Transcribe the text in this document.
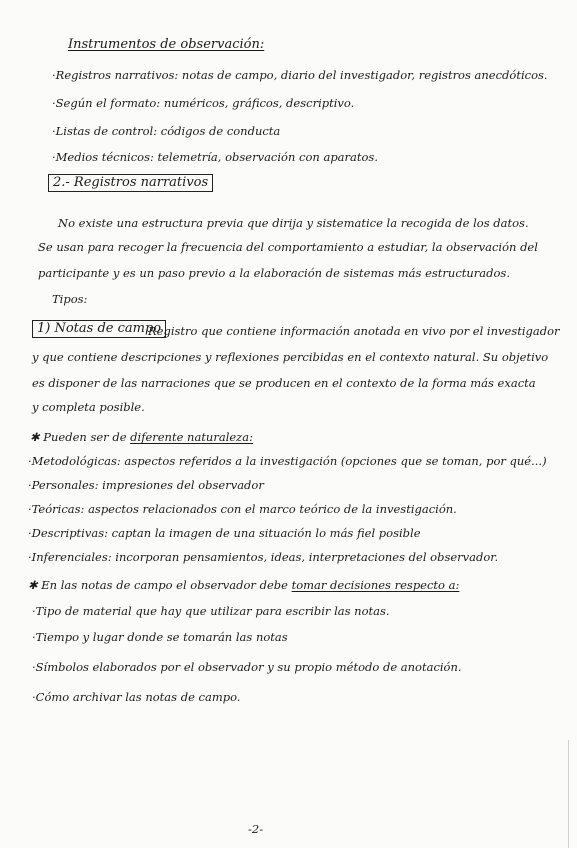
Instrumentos de observación:
·Registros narrativos: notas de campo, diario del investigador, registros anecdóticos.
·Según el formato: numéricos, gráficos, descriptivo.
·Listas de control: códigos de conducta
·Medios técnicos: telemetría, observación con aparatos.
2.- Registros narrativos
No existe una estructura previa que dirija y sistematice la recogida de los datos.
Se usan para recoger la frecuencia del comportamiento a estudiar, la observación del
participante y es un paso previo a la elaboración de sistemas más estructurados.
Tipos:
1) Notas de campo
Registro que contiene información anotada en vivo por el investigador
y que contiene descripciones y reflexiones percibidas en el contexto natural. Su objetivo
es disponer de las narraciones que se producen en el contexto de la forma más exacta
y completa posible.
✱ Pueden ser de diferente naturaleza:
·Metodológicas: aspectos referidos a la investigación (opciones que se toman, por qué...)
·Personales: impresiones del observador
·Teóricas: aspectos relacionados con el marco teórico de la investigación.
·Descriptivas: captan la imagen de una situación lo más fiel posible
·Inferenciales: incorporan pensamientos, ideas, interpretaciones del observador.
✱ En las notas de campo el observador debe tomar decisiones respecto a:
·Tipo de material que hay que utilizar para escribir las notas.
·Tiempo y lugar donde se tomarán las notas
·Símbolos elaborados por el observador y su propio método de anotación.
·Cómo archivar las notas de campo.
-2-
